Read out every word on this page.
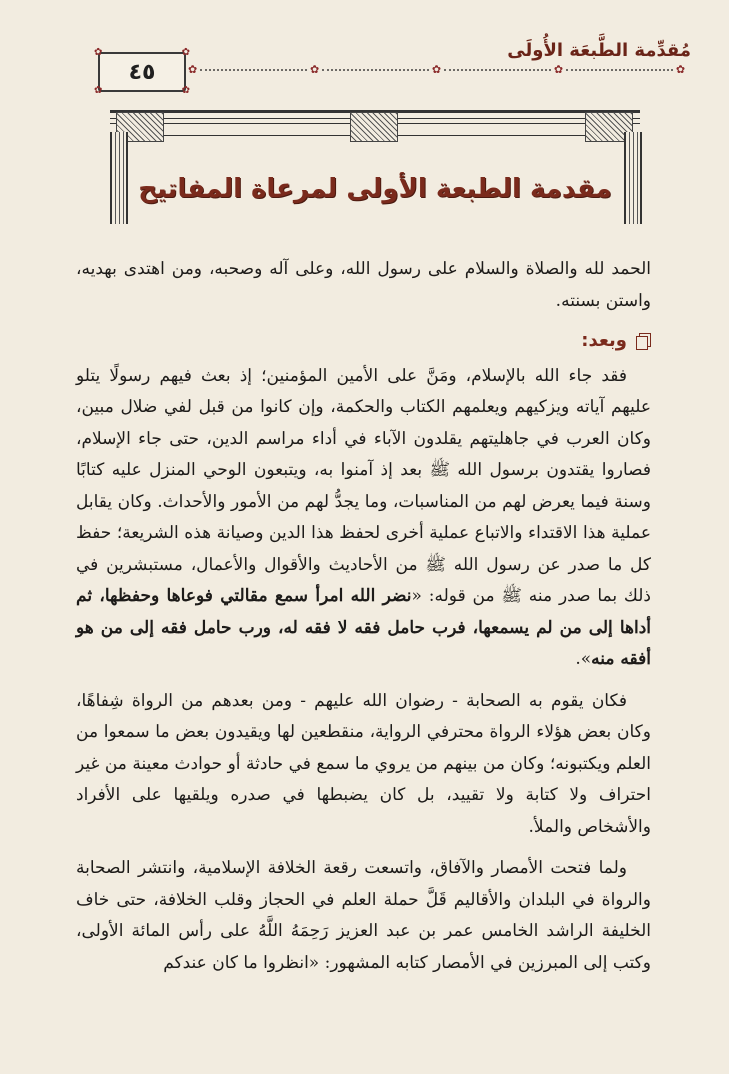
مُقدِّمة الطَّبعَة الأُولَى
✿	✿	✿	✿	✿
✿	✿
✿	✿
٤٥
مقدمة الطبعة الأولى لمرعاة المفاتيح

الحمد لله والصلاة والسلام على رسول الله، وعلى آله وصحبه، ومن اهتدى بهديه، واستن بسنته.

وبعد:

فقد جاء الله بالإسلام، ومَنَّ على الأمين المؤمنين؛ إذ بعث فيهم رسولًا يتلو عليهم آياته ويزكيهم ويعلمهم الكتاب والحكمة، وإن كانوا من قبل لفي ضلال مبين، وكان العرب في جاهليتهم يقلدون الآباء في أداء مراسم الدين، حتى جاء الإسلام، فصاروا يقتدون برسول الله ﷺ بعد إذ آمنوا به، ويتبعون الوحي المنزل عليه كتابًا وسنة فيما يعرض لهم من المناسبات، وما يجدُّ لهم من الأمور والأحداث. وكان يقابل عملية هذا الاقتداء والاتباع عملية أخرى لحفظ هذا الدين وصيانة هذه الشريعة؛ حفظ كل ما صدر عن رسول الله ﷺ من الأحاديث والأقوال والأعمال، مستبشرين في ذلك بما صدر منه ﷺ من قوله: «نضر الله امرأ سمع مقالتي فوعاها وحفظها، ثم أداها إلى من لم يسمعها، فرب حامل فقه لا فقه له، ورب حامل فقه إلى من هو أفقه منه».

فكان يقوم به الصحابة - رضوان الله عليهم - ومن بعدهم من الرواة شِفاهًا، وكان بعض هؤلاء الرواة محترفي الرواية، منقطعين لها ويقيدون بعض ما سمعوا من العلم ويكتبونه؛ وكان من بينهم من يروي ما سمع في حادثة أو حوادث معينة من غير احتراف ولا كتابة ولا تقييد، بل كان يضبطها في صدره ويلقيها على الأفراد والأشخاص والملأ.

ولما فتحت الأمصار والآفاق، واتسعت رقعة الخلافة الإسلامية، وانتشر الصحابة والرواة في البلدان والأقاليم قَلَّ حملة العلم في الحجاز وقلب الخلافة، حتى خاف الخليفة الراشد الخامس عمر بن عبد العزيز رَحِمَهُ اللَّهُ على رأس المائة الأولى، وكتب إلى المبرزين في الأمصار كتابه المشهور: «انظروا ما كان عندكم
